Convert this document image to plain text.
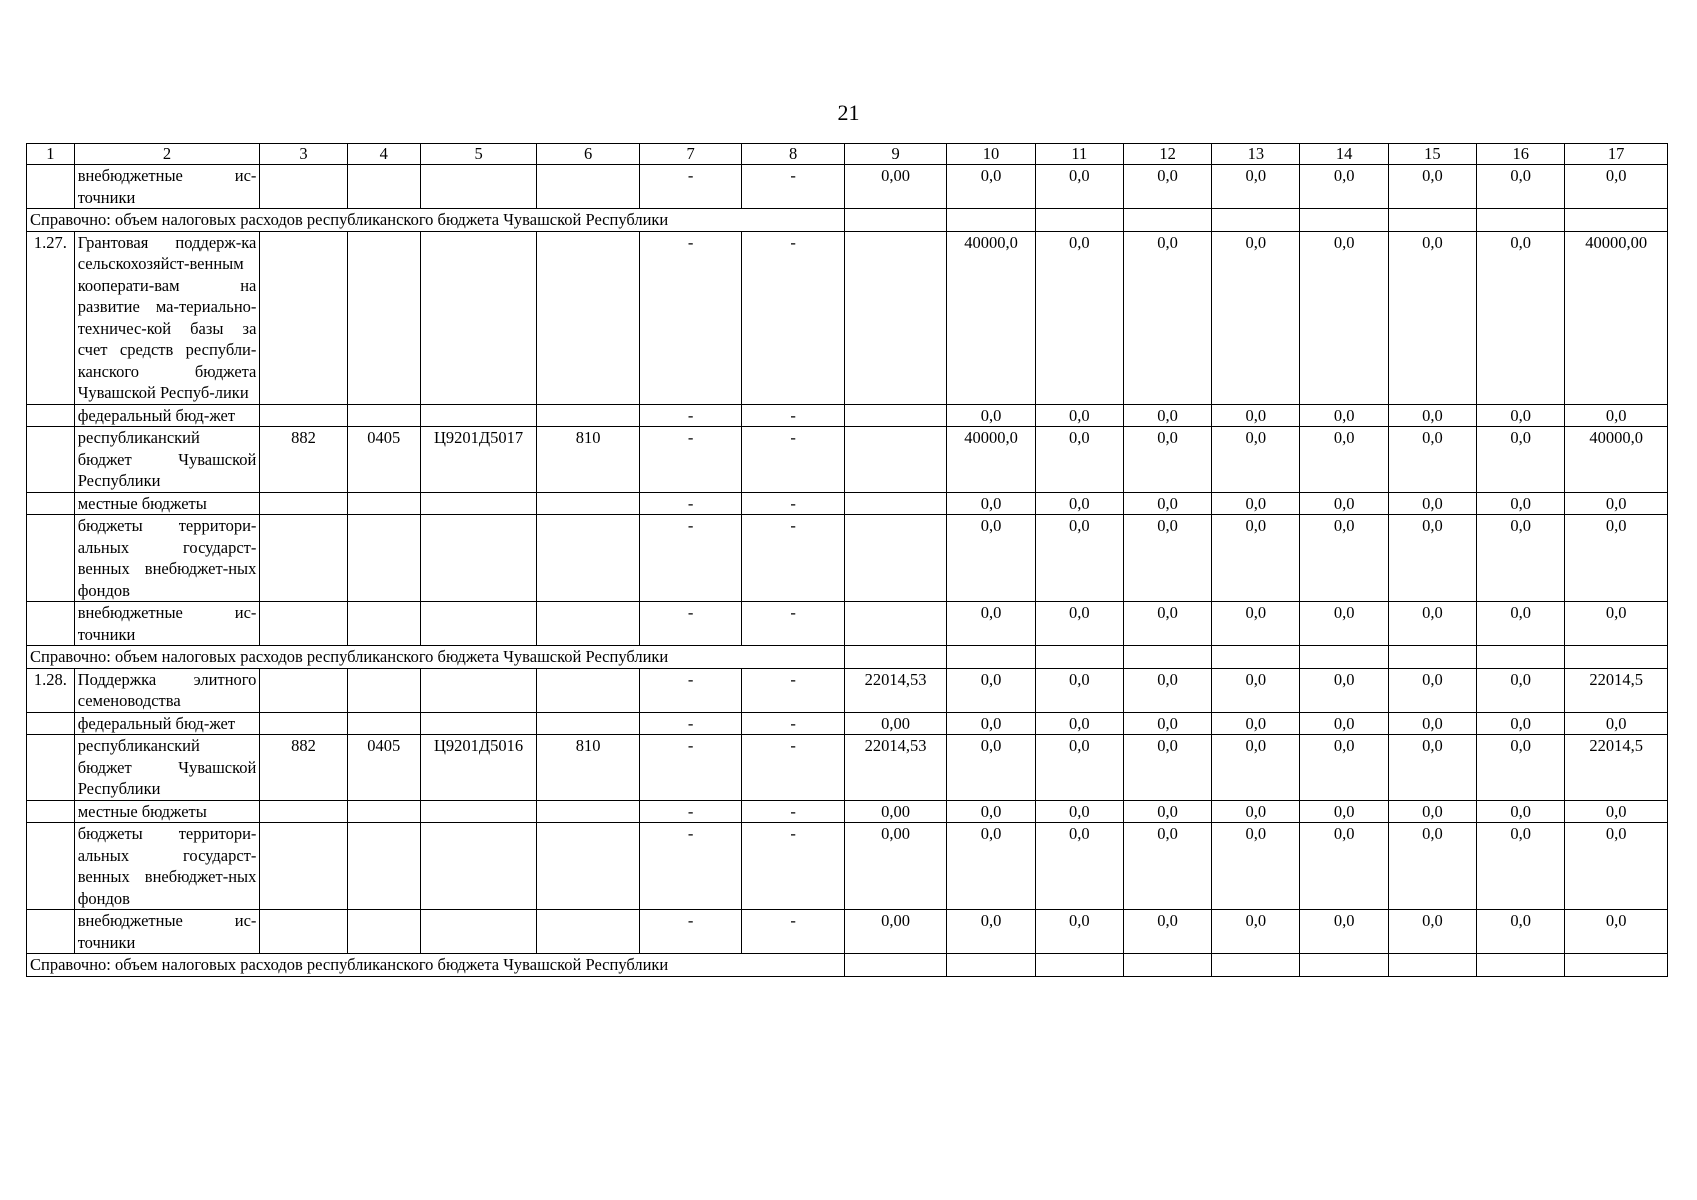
21
1	2	3	4	5	6	7	8	9	10	11	12	13	14	15	16	17
	внебюджетные ис-​точники					-	-	0,00	0,0	0,0	0,0	0,0	0,0	0,0	0,0	0,0
Справочно: объем налоговых расходов республиканского бюджета Чувашской Республики																
1.27.	Грантовая поддерж-​ка сельскохозяйст-​венным кооперати-​вам на развитие ма-​териально-​техничес-​кой базы за счет средств республи-​канского бюджета Чувашской Респуб-​лики					-	-		40000,0	0,0	0,0	0,0	0,0	0,0	0,0	40000,00
	федеральный бюд-​жет					-	-		0,0	0,0	0,0	0,0	0,0	0,0	0,0	0,0
	республиканский бюджет Чувашской Республики	882	0405	Ц9201Д5017	810	-	-		40000,0	0,0	0,0	0,0	0,0	0,0	0,0	40000,0
	местные бюджеты					-	-		0,0	0,0	0,0	0,0	0,0	0,0	0,0	0,0
	бюджеты территори-​альных государст-​венных внебюджет-​ных фондов					-	-		0,0	0,0	0,0	0,0	0,0	0,0	0,0	0,0
	внебюджетные ис-​точники					-	-		0,0	0,0	0,0	0,0	0,0	0,0	0,0	0,0
Справочно: объем налоговых расходов республиканского бюджета Чувашской Республики																
1.28.	Поддержка элитного семеноводства					-	-	22014,53	0,0	0,0	0,0	0,0	0,0	0,0	0,0	22014,5
	федеральный бюд-​жет					-	-	0,00	0,0	0,0	0,0	0,0	0,0	0,0	0,0	0,0
	республиканский бюджет Чувашской Республики	882	0405	Ц9201Д5016	810	-	-	22014,53	0,0	0,0	0,0	0,0	0,0	0,0	0,0	22014,5
	местные бюджеты					-	-	0,00	0,0	0,0	0,0	0,0	0,0	0,0	0,0	0,0
	бюджеты территори-​альных государст-​венных внебюджет-​ных фондов					-	-	0,00	0,0	0,0	0,0	0,0	0,0	0,0	0,0	0,0
	внебюджетные ис-​точники					-	-	0,00	0,0	0,0	0,0	0,0	0,0	0,0	0,0	0,0
Справочно: объем налоговых расходов республиканского бюджета Чувашской Республики																
